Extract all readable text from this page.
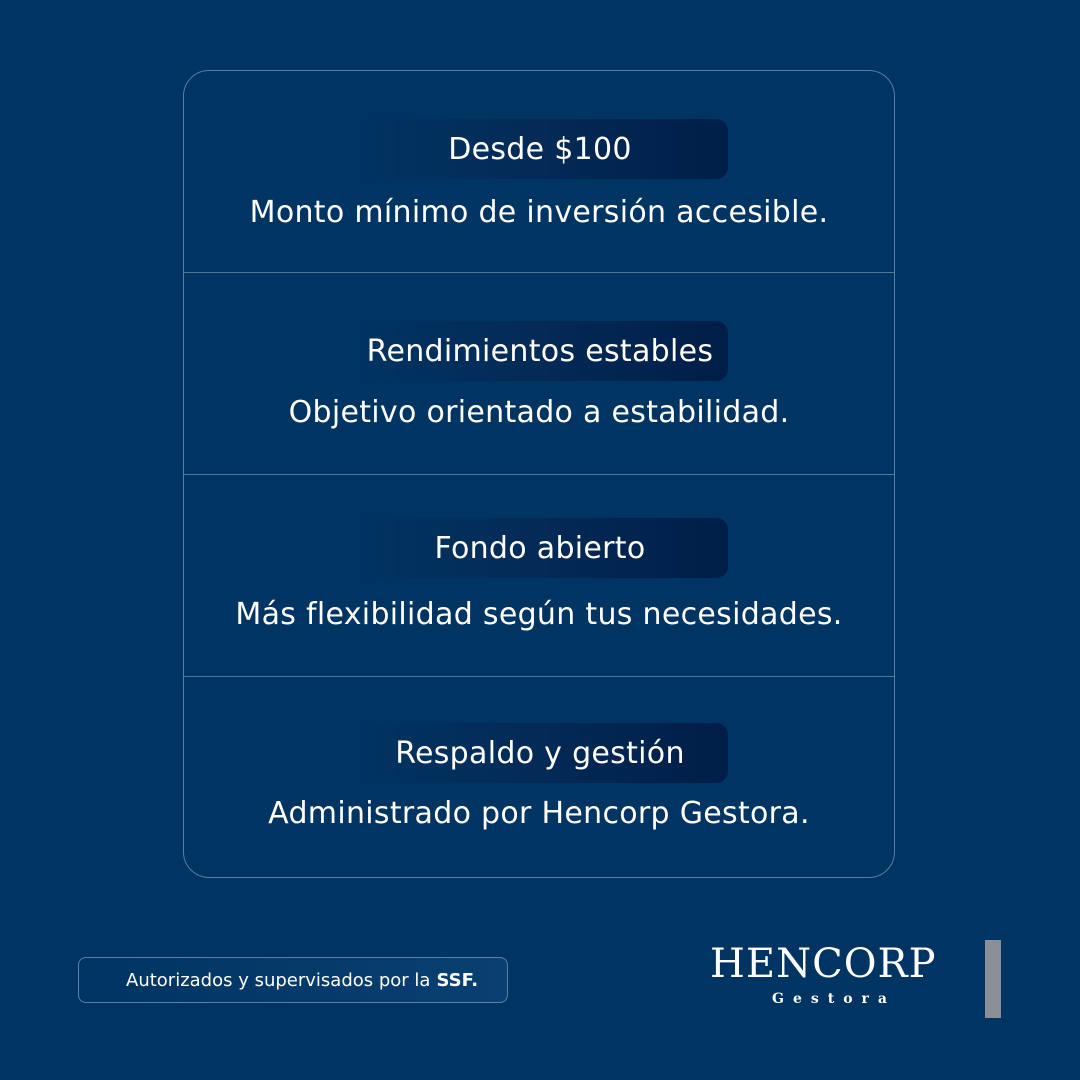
Desde $100
Monto mínimo de inversión accesible.
Rendimientos estables
Objetivo orientado a estabilidad.
Fondo abierto
Más flexibilidad según tus necesidades.
Respaldo y gestión
Administrado por Hencorp Gestora.
Autorizados y supervisados por la SSF.	HENCORP
Gestora
